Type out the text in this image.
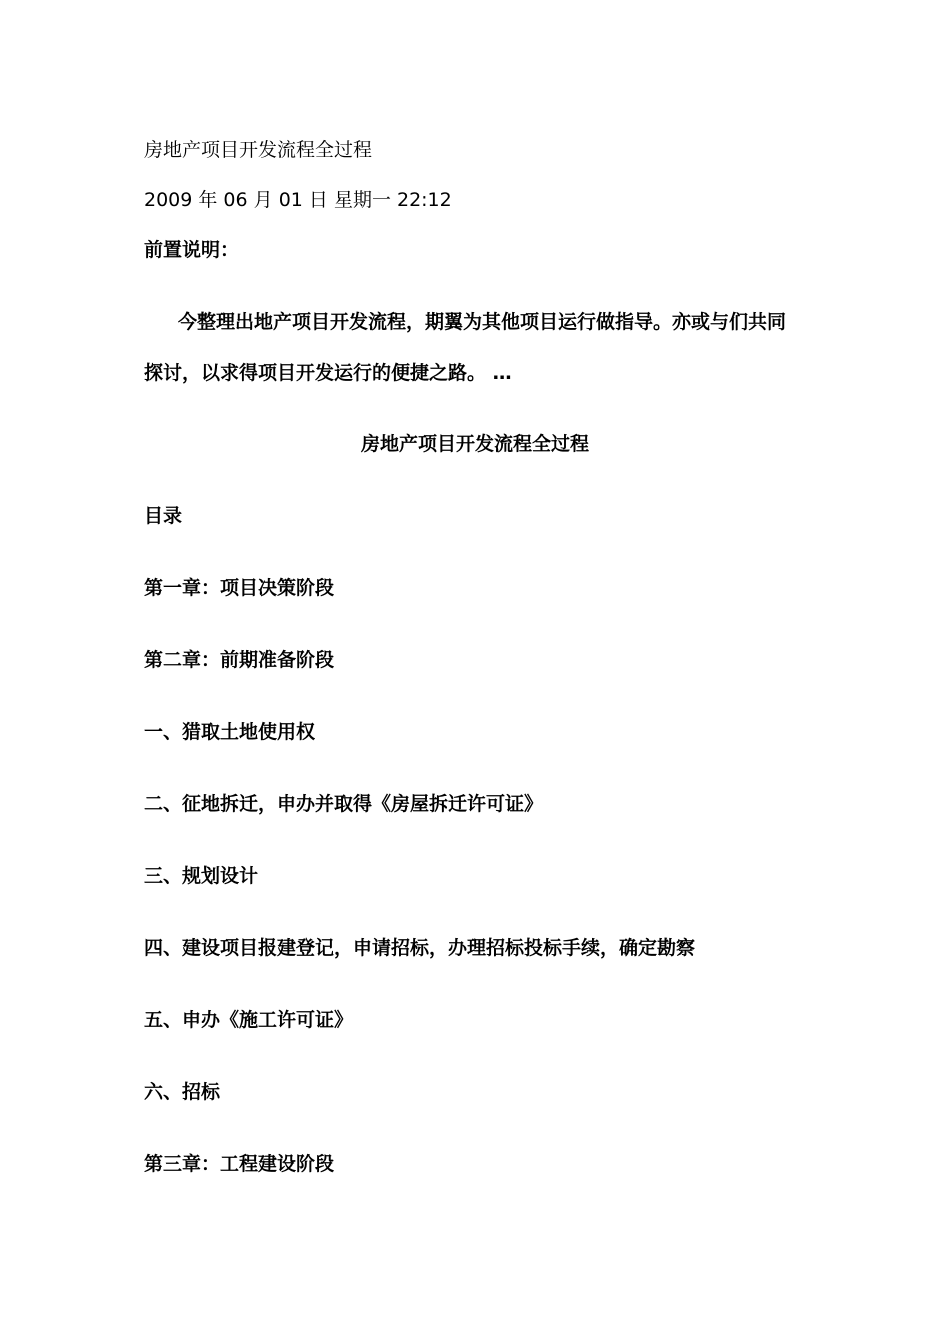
房地产项目开发流程全过程
2009 年 06 月 01 日 星期一 22:12
前置说明：
今整理出地产项目开发流程，期翼为其他项目运行做指导。亦或与们共同
探讨，以求得项目开发运行的便捷之路。 …
房地产项目开发流程全过程
目录
第一章：项目决策阶段
第二章：前期准备阶段
一、猎取土地使用权
二、征地拆迁，申办并取得《房屋拆迁许可证》
三、规划设计
四、建设项目报建登记，申请招标，办理招标投标手续，确定勘察
五、申办《施工许可证》
六、招标
第三章：工程建设阶段
